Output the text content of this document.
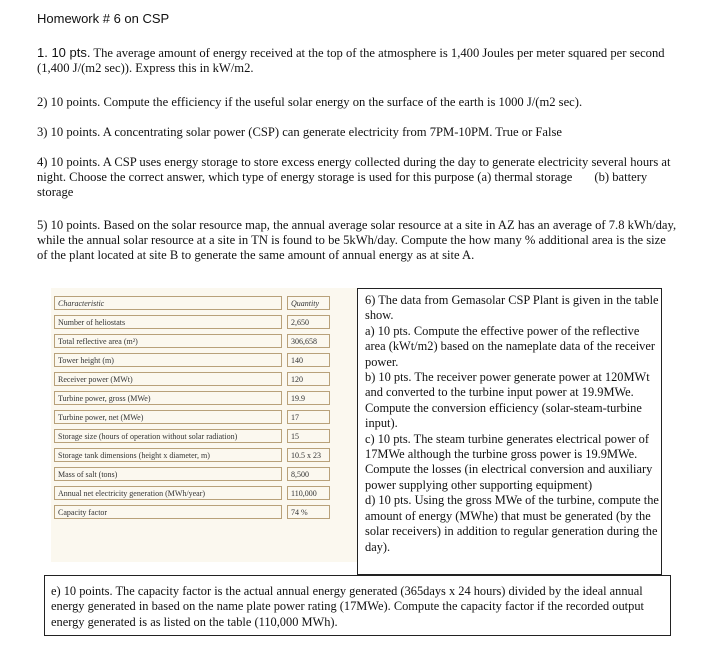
Homework # 6 on CSP
1. 10 pts. The average amount of energy received at the top of the atmosphere is 1,400 Joules per meter squared per second (1,400 J/(m2 sec)). Express this in kW/m2.
2) 10 points. Compute the efficiency if the useful solar energy on the surface of the earth is 1000 J/(m2 sec).
3) 10 points. A concentrating solar power (CSP) can generate electricity from 7PM-10PM. True or False
4) 10 points. A CSP uses energy storage to store excess energy collected during the day to generate electricity several hours at night. Choose the correct answer, which type of energy storage is used for this purpose (a) thermal storage (b) battery storage
5) 10 points. Based on the solar resource map, the annual average solar resource at a site in AZ has an average of 7.8 kWh/day, while the annual solar resource at a site in TN is found to be 5kWh/day. Compute the how many % additional area is the size of the plant located at site B to generate the same amount of annual energy as at site A.
Characteristic		Quantity
Number of heliostats		2,650
Total reflective area (m²)		306,658
Tower height (m)		140
Receiver power (MWt)		120
Turbine power, gross (MWe)		19.9
Turbine power, net (MWe)		17
Storage size (hours of operation without solar radiation)		15
Storage tank dimensions (height x diameter, m)		10.5 x 23
Mass of salt (tons)		8,500
Annual net electricity generation (MWh/year)		110,000
Capacity factor		74 %
6) The data from Gemasolar CSP Plant is given in the table show.
a) 10 pts. Compute the effective power of the reflective area (kWt/m2) based on the nameplate data of the receiver power.
b) 10 pts. The receiver power generate power at 120MWt and converted to the turbine input power at 19.9MWe. Compute the conversion efficiency (solar-steam-turbine input).
c) 10 pts. The steam turbine generates electrical power of 17MWe although the turbine gross power is 19.9MWe. Compute the losses (in electrical conversion and auxiliary power supplying other supporting equipment)
d) 10 pts. Using the gross MWe of the turbine, compute the amount of energy (MWhe) that must be generated (by the solar receivers) in addition to regular generation during the day).
e) 10 points. The capacity factor is the actual annual energy generated (365days x 24 hours) divided by the ideal annual energy generated in based on the name plate power rating (17MWe). Compute the capacity factor if the recorded output energy generated is as listed on the table (110,000 MWh).
